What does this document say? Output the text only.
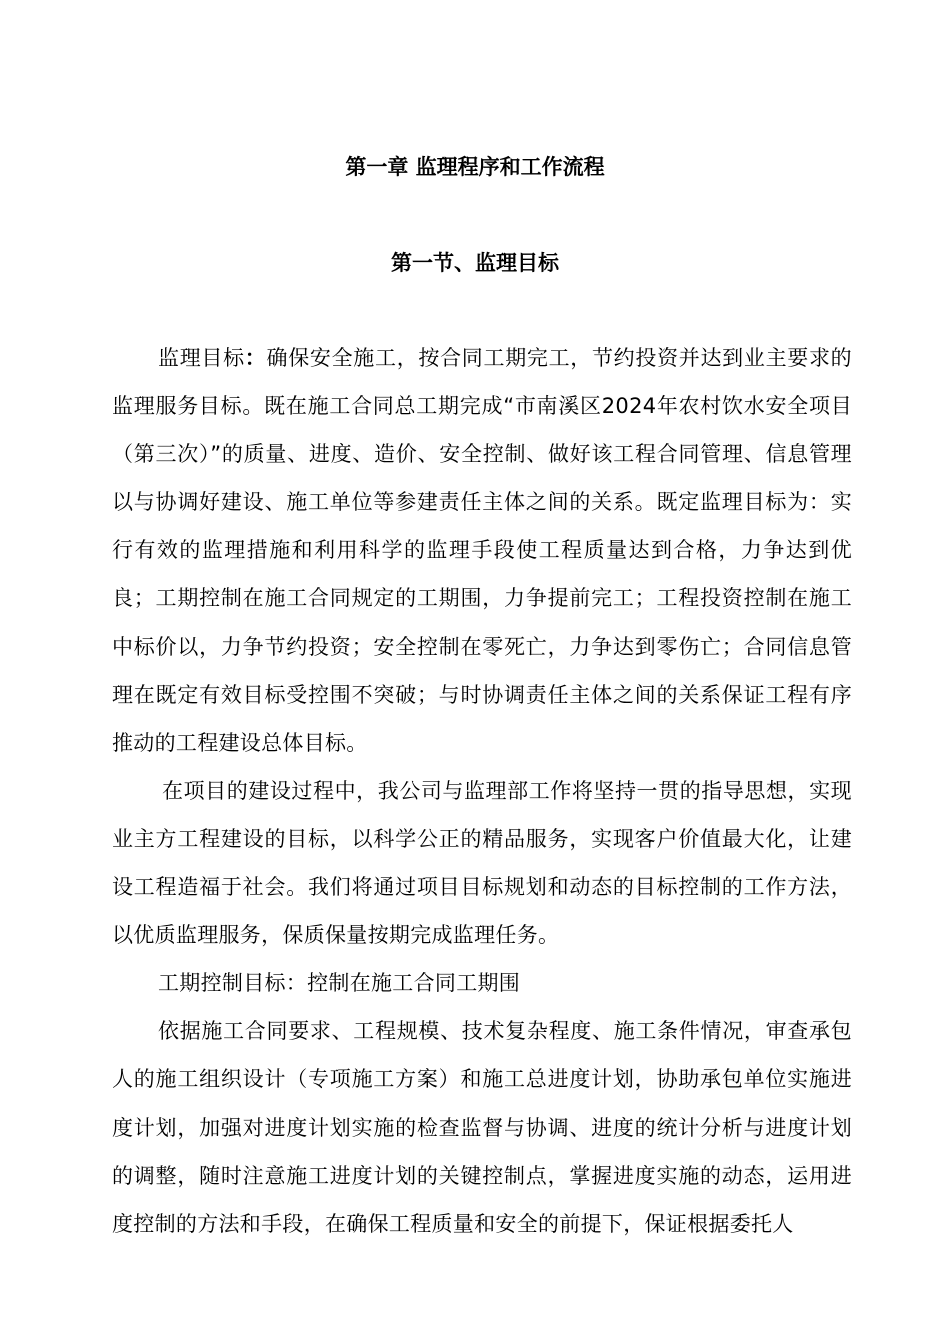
第一章 监理程序和工作流程
第一节、监理目标

监理目标：确保安全施工，按合同工期完工，节约投资并达到业主要求的监理服务目标。既在施工合同总工期完成“市南溪区2024年农村饮水安全项目（第三次）”的质量、进度、造价、安全控制、做好该工程合同管理、信息管理以与协调好建设、施工单位等参建责任主体之间的关系。既定监理目标为：实行有效的监理措施和利用科学的监理手段使工程质量达到合格，力争达到优良；工期控制在施工合同规定的工期围，力争提前完工；工程投资控制在施工中标价以，力争节约投资；安全控制在零死亡，力争达到零伤亡；合同信息管理在既定有效目标受控围不突破；与时协调责任主体之间的关系保证工程有序推动的工程建设总体目标。

在项目的建设过程中，我公司与监理部工作将坚持一贯的指导思想，实现业主方工程建设的目标，以科学公正的精品服务，实现客户价值最大化，让建设工程造福于社会。我们将通过项目目标规划和动态的目标控制的工作方法，以优质监理服务，保质保量按期完成监理任务。

工期控制目标：控制在施工合同工期围

依据施工合同要求、工程规模、技术复杂程度、施工条件情况，审查承包人的施工组织设计（专项施工方案）和施工总进度计划，协助承包单位实施进度计划，加强对进度计划实施的检查监督与协调、进度的统计分析与进度计划的调整，随时注意施工进度计划的关键控制点，掌握进度实施的动态，运用进度控制的方法和手段，在确保工程质量和安全的前提下，保证根据委托人
